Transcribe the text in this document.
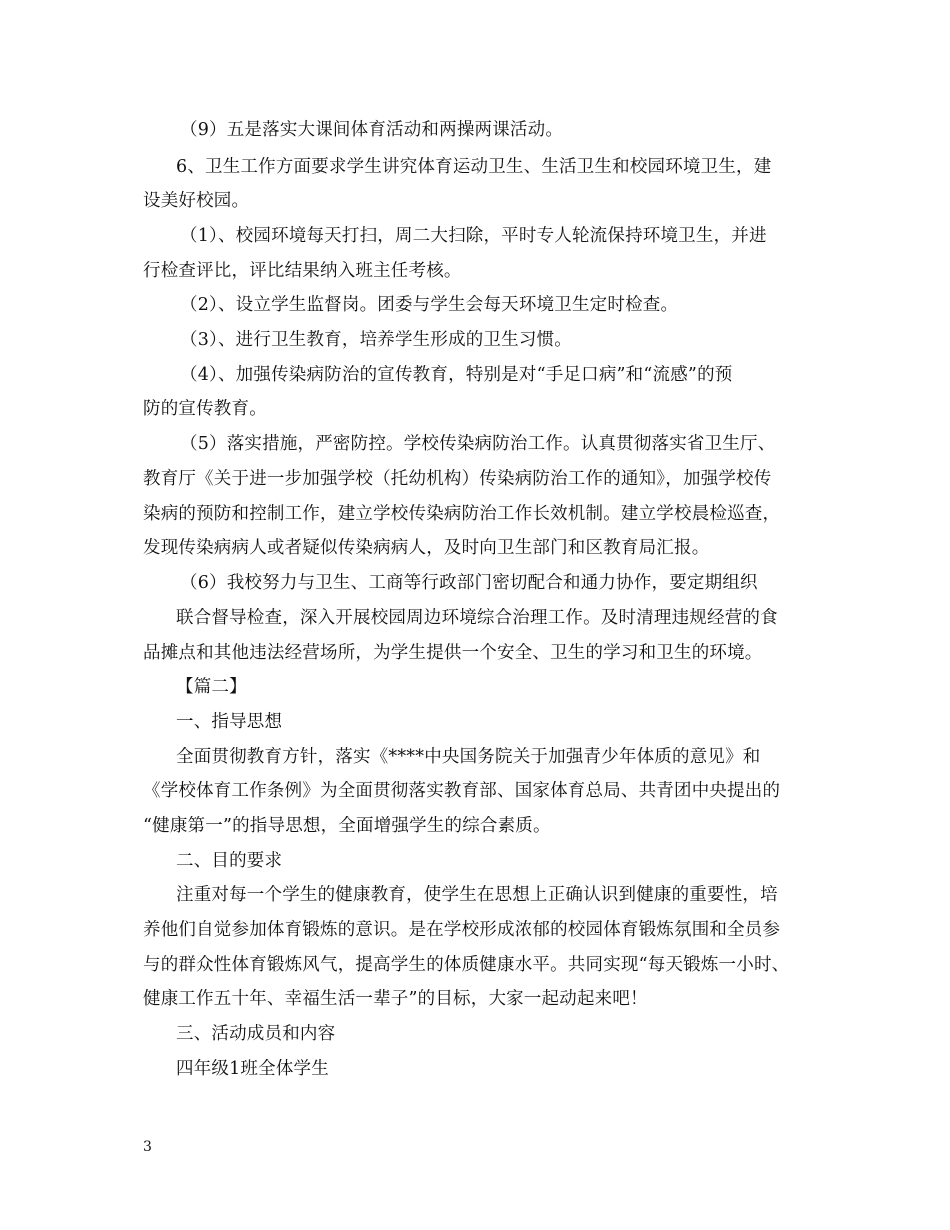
（9）五是落实大课间体育活动和两操两课活动。
6、卫生工作方面要求学生讲究体育运动卫生、生活卫生和校园环境卫生，建
设美好校园。
（1）、校园环境每天打扫，周二大扫除，平时专人轮流保持环境卫生，并进
行检查评比，评比结果纳入班主任考核。
（2）、设立学生监督岗。团委与学生会每天环境卫生定时检查。
（3）、进行卫生教育，培养学生形成的卫生习惯。
（4）、加强传染病防治的宣传教育，特别是对“手足口病”和“流感”的预
防的宣传教育。
（5）落实措施，严密防控。学校传染病防治工作。认真贯彻落实省卫生厅、
教育厅《关于进一步加强学校（托幼机构）传染病防治工作的通知》，加强学校传
染病的预防和控制工作，建立学校传染病防治工作长效机制。建立学校晨检巡查，
发现传染病病人或者疑似传染病病人，及时向卫生部门和区教育局汇报。
（6）我校努力与卫生、工商等行政部门密切配合和通力协作，要定期组织
联合督导检查，深入开展校园周边环境综合治理工作。及时清理违规经营的食
品摊点和其他违法经营场所，为学生提供一个安全、卫生的学习和卫生的环境。
【篇二】
一、指导思想
全面贯彻教育方针，落实《****中央国务院关于加强青少年体质的意见》和
《学校体育工作条例》为全面贯彻落实教育部、国家体育总局、共青团中央提出的
“健康第一”的指导思想，全面增强学生的综合素质。
二、目的要求
注重对每一个学生的健康教育，使学生在思想上正确认识到健康的重要性，培
养他们自觉参加体育锻炼的意识。是在学校形成浓郁的校园体育锻炼氛围和全员参
与的群众性体育锻炼风气，提高学生的体质健康水平。共同实现“每天锻炼一小时、
健康工作五十年、幸福生活一辈子”的目标，大家一起动起来吧！
三、活动成员和内容
四年级1班全体学生
3
